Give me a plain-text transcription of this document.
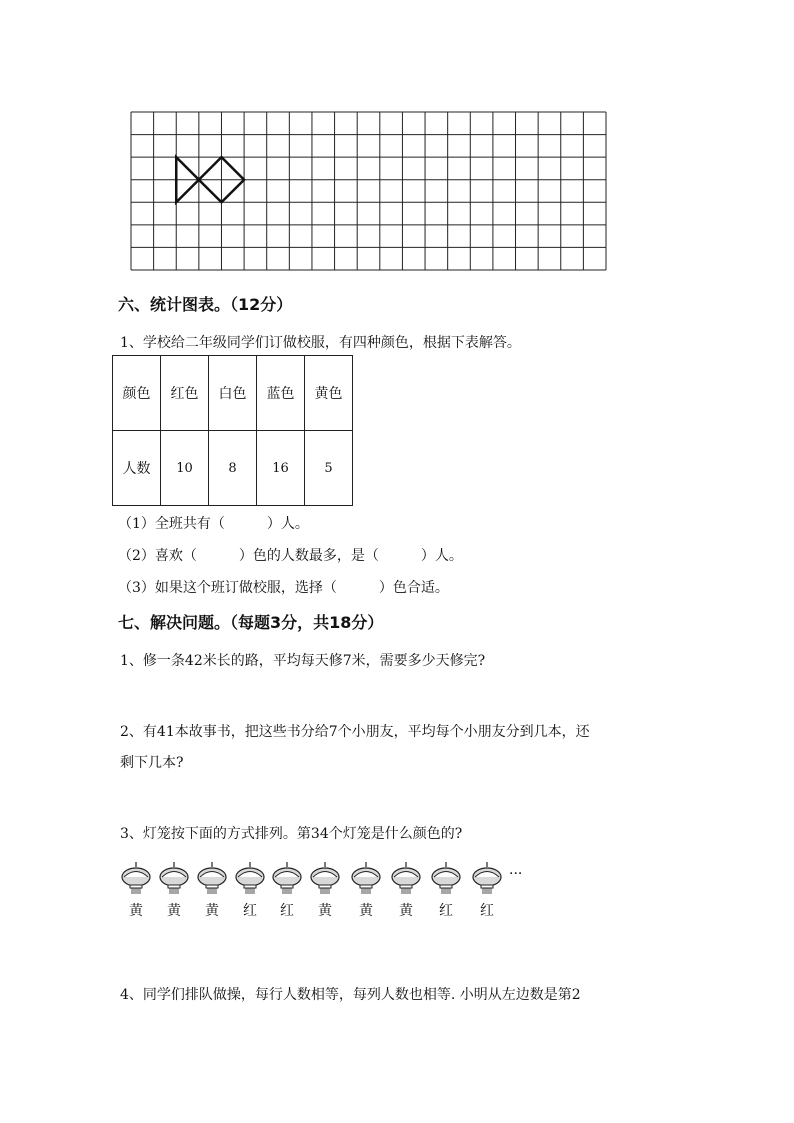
六、统计图表。（12分）
1、学校给二年级同学们订做校服，有四种颜色，根据下表解答。
颜色	红色	白色	蓝色	黄色
人数	10	8	16	5
（1）全班共有（　　　）人。
（2）喜欢（　　　）色的人数最多，是（　　　）人。
（3）如果这个班订做校服，选择（　　　）色合适。
七、解决问题。（每题3分，共18分）
1、修一条42米长的路，平均每天修7米，需要多少天修完?
2、有41本故事书，把这些书分给7个小朋友，平均每个小朋友分到几本，还
剩下几本?
3、灯笼按下面的方式排列。第34个灯笼是什么颜色的?
黄	黄	黄	红	红	黄	黄	黄	红	红
···
4、同学们排队做操，每行人数相等，每列人数也相等. 小明从左边数是第2
